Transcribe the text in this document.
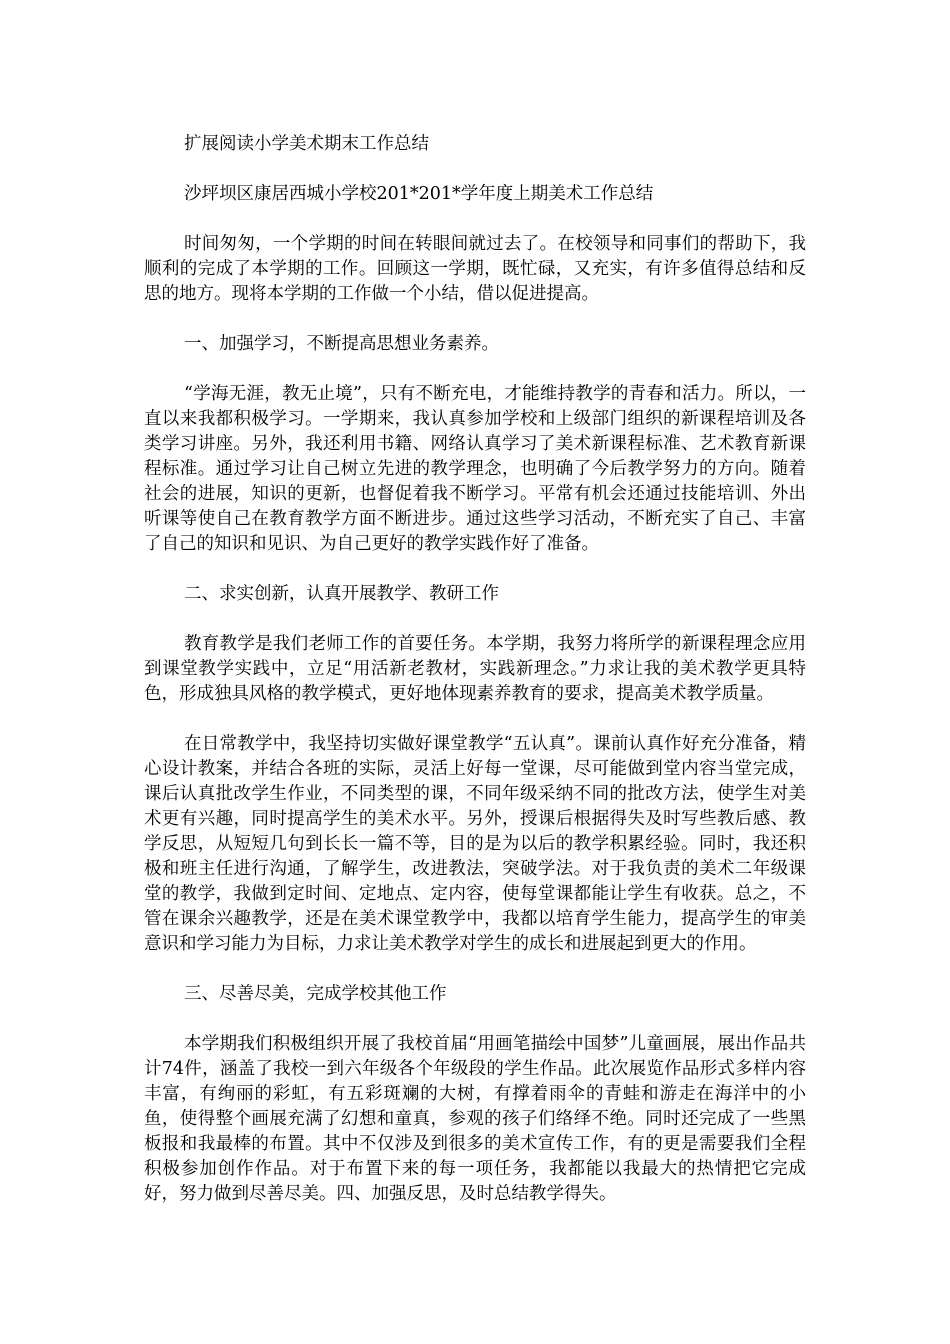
扩展阅读小学美术期末工作总结

沙坪坝区康居西城小学校201*201*学年度上期美术工作总结

时间匆匆，一个学期的时间在转眼间就过去了。在校领导和同事们的帮助下，我顺利的完成了本学期的工作。回顾这一学期，既忙碌，又充实，有许多值得总结和反思的地方。现将本学期的工作做一个小结，借以促进提高。

一、加强学习，不断提高思想业务素养。

“学海无涯，教无止境”，只有不断充电，才能维持教学的青春和活力。所以，一直以来我都积极学习。一学期来，我认真参加学校和上级部门组织的新课程培训及各类学习讲座。另外，我还利用书籍、网络认真学习了美术新课程标准、艺术教育新课程标准。通过学习让自己树立先进的教学理念，也明确了今后教学努力的方向。随着社会的进展，知识的更新，也督促着我不断学习。平常有机会还通过技能培训、外出听课等使自己在教育教学方面不断进步。通过这些学习活动，不断充实了自己、丰富了自己的知识和见识、为自己更好的教学实践作好了准备。

二、求实创新，认真开展教学、教研工作

教育教学是我们老师工作的首要任务。本学期，我努力将所学的新课程理念应用到课堂教学实践中，立足“用活新老教材，实践新理念。”力求让我的美术教学更具特色，形成独具风格的教学模式，更好地体现素养教育的要求，提高美术教学质量。

在日常教学中，我坚持切实做好课堂教学“五认真”。课前认真作好充分准备，精心设计教案，并结合各班的实际，灵活上好每一堂课，尽可能做到堂内容当堂完成，课后认真批改学生作业，不同类型的课，不同年级采纳不同的批改方法，使学生对美术更有兴趣，同时提高学生的美术水平。另外，授课后根据得失及时写些教后感、教学反思，从短短几句到长长一篇不等，目的是为以后的教学积累经验。同时，我还积极和班主任进行沟通，了解学生，改进教法，突破学法。对于我负责的美术二年级课堂的教学，我做到定时间、定地点、定内容，使每堂课都能让学生有收获。总之，不管在课余兴趣教学，还是在美术课堂教学中，我都以培育学生能力，提高学生的审美意识和学习能力为目标，力求让美术教学对学生的成长和进展起到更大的作用。

三、尽善尽美，完成学校其他工作

本学期我们积极组织开展了我校首届“用画笔描绘中国梦”儿童画展，展出作品共计74件，涵盖了我校一到六年级各个年级段的学生作品。此次展览作品形式多样内容丰富，有绚丽的彩虹，有五彩斑斓的大树，有撑着雨伞的青蛙和游走在海洋中的小鱼，使得整个画展充满了幻想和童真，参观的孩子们络绎不绝。同时还完成了一些黑板报和我最棒的布置。其中不仅涉及到很多的美术宣传工作，有的更是需要我们全程积极参加创作作品。对于布置下来的每一项任务，我都能以我最大的热情把它完成好，努力做到尽善尽美。四、加强反思，及时总结教学得失。
